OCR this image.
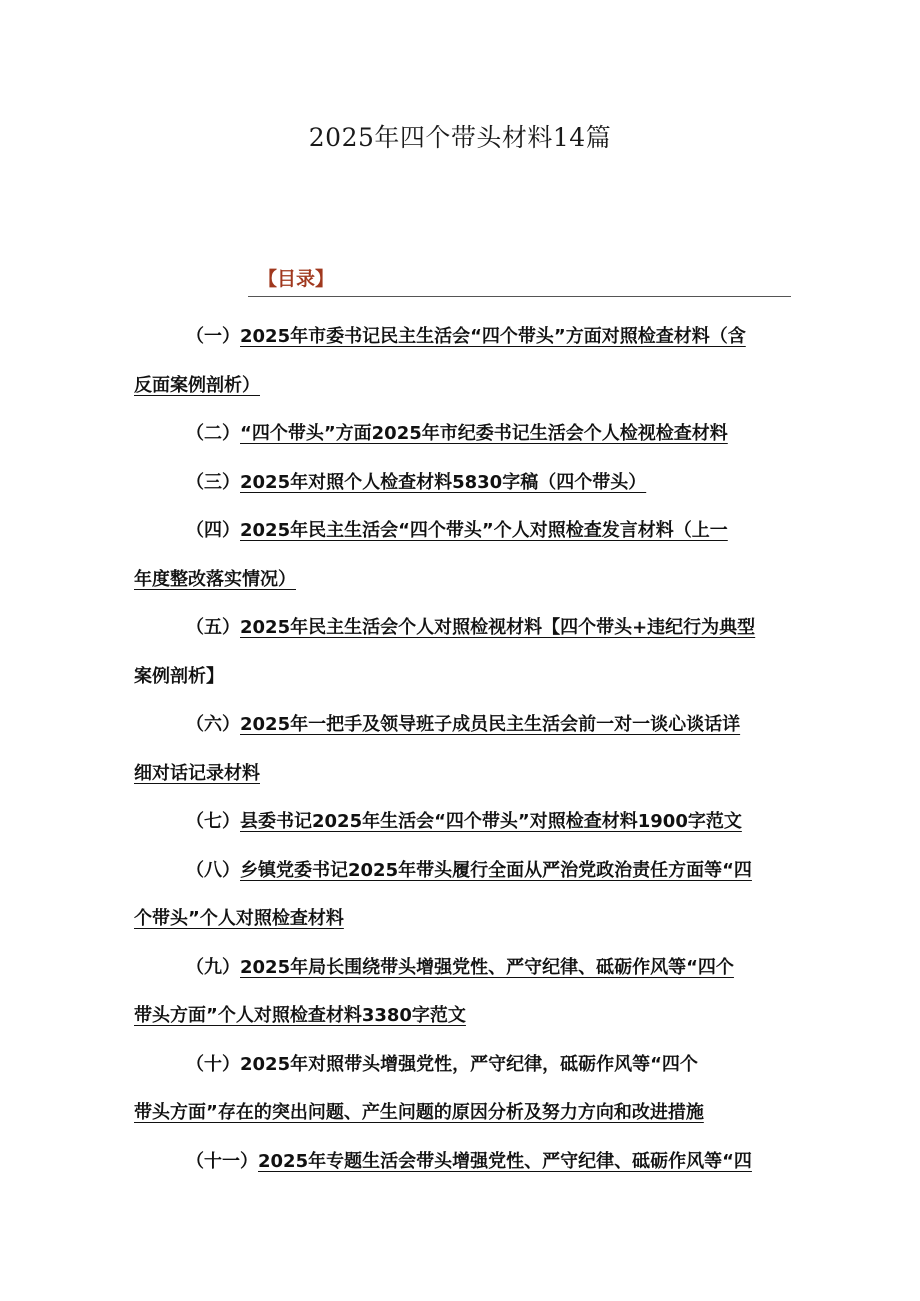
2025年四个带头材料14篇
【目录】

（一）2025年市委书记民主生活会“四个带头”方面对照检查材料（含

反面案例剖析）

（二）“四个带头”方面2025年市纪委书记生活会个人检视检查材料

（三）2025年对照个人检查材料5830字稿（四个带头）

（四）2025年民主生活会“四个带头”个人对照检查发言材料（上一

年度整改落实情况）

（五）2025年民主生活会个人对照检视材料【四个带头+违纪行为典型

案例剖析】

（六）2025年一把手及领导班子成员民主生活会前一对一谈心谈话详

细对话记录材料

（七）县委书记2025年生活会“四个带头”对照检查材料1900字范文

（八）乡镇党委书记2025年带头履行全面从严治党政治责任方面等“四

个带头”个人对照检查材料

（九）2025年局长围绕带头增强党性、严守纪律、砥砺作风等“四个

带头方面”个人对照检查材料3380字范文

（十）2025年对照带头增强党性，严守纪律，砥砺作风等“四个

带头方面”存在的突出问题、产生问题的原因分析及努力方向和改进措施

（十一）2025年专题生活会带头增强党性、严守纪律、砥砺作风等“四
